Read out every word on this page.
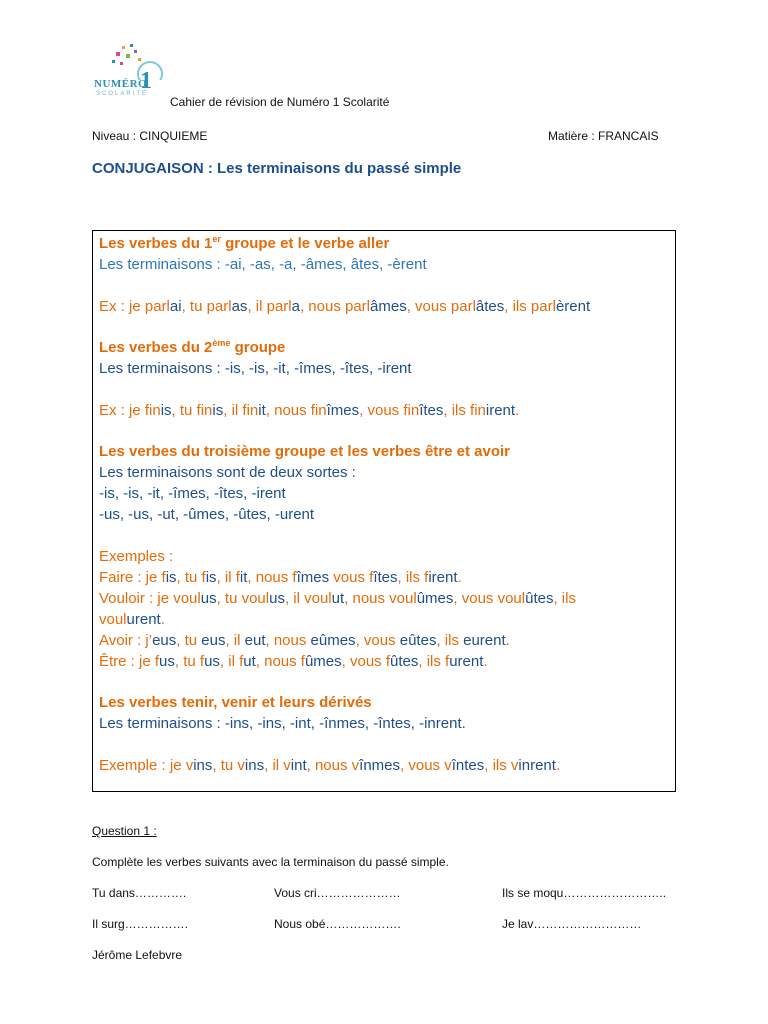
NUMÉRO
1
SCOLARITÉ
Cahier de révision de Numéro 1 Scolarité
Niveau : CINQUIEME	Matière : FRANCAIS
CONJUGAISON : Les terminaisons du passé simple
Les verbes du 1er groupe et le verbe aller
Les terminaisons : -ai, -as, -a, -âmes, âtes, -èrent
Ex : je parlai, tu parlas, il parla, nous parlâmes, vous parlâtes, ils parlèrent
Les verbes du 2ème groupe
Les terminaisons : -is, -is, -it, -îmes, -îtes, -irent
Ex : je finis, tu finis, il finit, nous finîmes, vous finîtes, ils finirent.
Les verbes du troisième groupe et les verbes être et avoir
Les terminaisons sont de deux sortes :
-is, -is, -it, -îmes, -îtes, -irent
-us, -us, -ut, -ûmes, -ûtes, -urent
Exemples :
Faire : je fis, tu fis, il fit, nous fîmes vous fîtes, ils firent.
Vouloir : je voulus, tu voulus, il voulut, nous voulûmes, vous voulûtes, ils
voulurent.
Avoir : j’eus, tu eus, il eut, nous eûmes, vous eûtes, ils eurent.
Être : je fus, tu fus, il fut, nous fûmes, vous fûtes, ils furent.
Les verbes tenir, venir et leurs dérivés
Les terminaisons : -ins, -ins, -int, -înmes, -întes, -inrent.
Exemple : je vins, tu vins, il vint, nous vînmes, vous vîntes, ils vinrent.
Question 1 :
Complète les verbes suivants avec la terminaison du passé simple.
Tu dans………….	Vous cri…………………	Ils se moqu……………………..
Il surg…………….	Nous obé……………….	Je lav………………………
Jérôme Lefebvre
